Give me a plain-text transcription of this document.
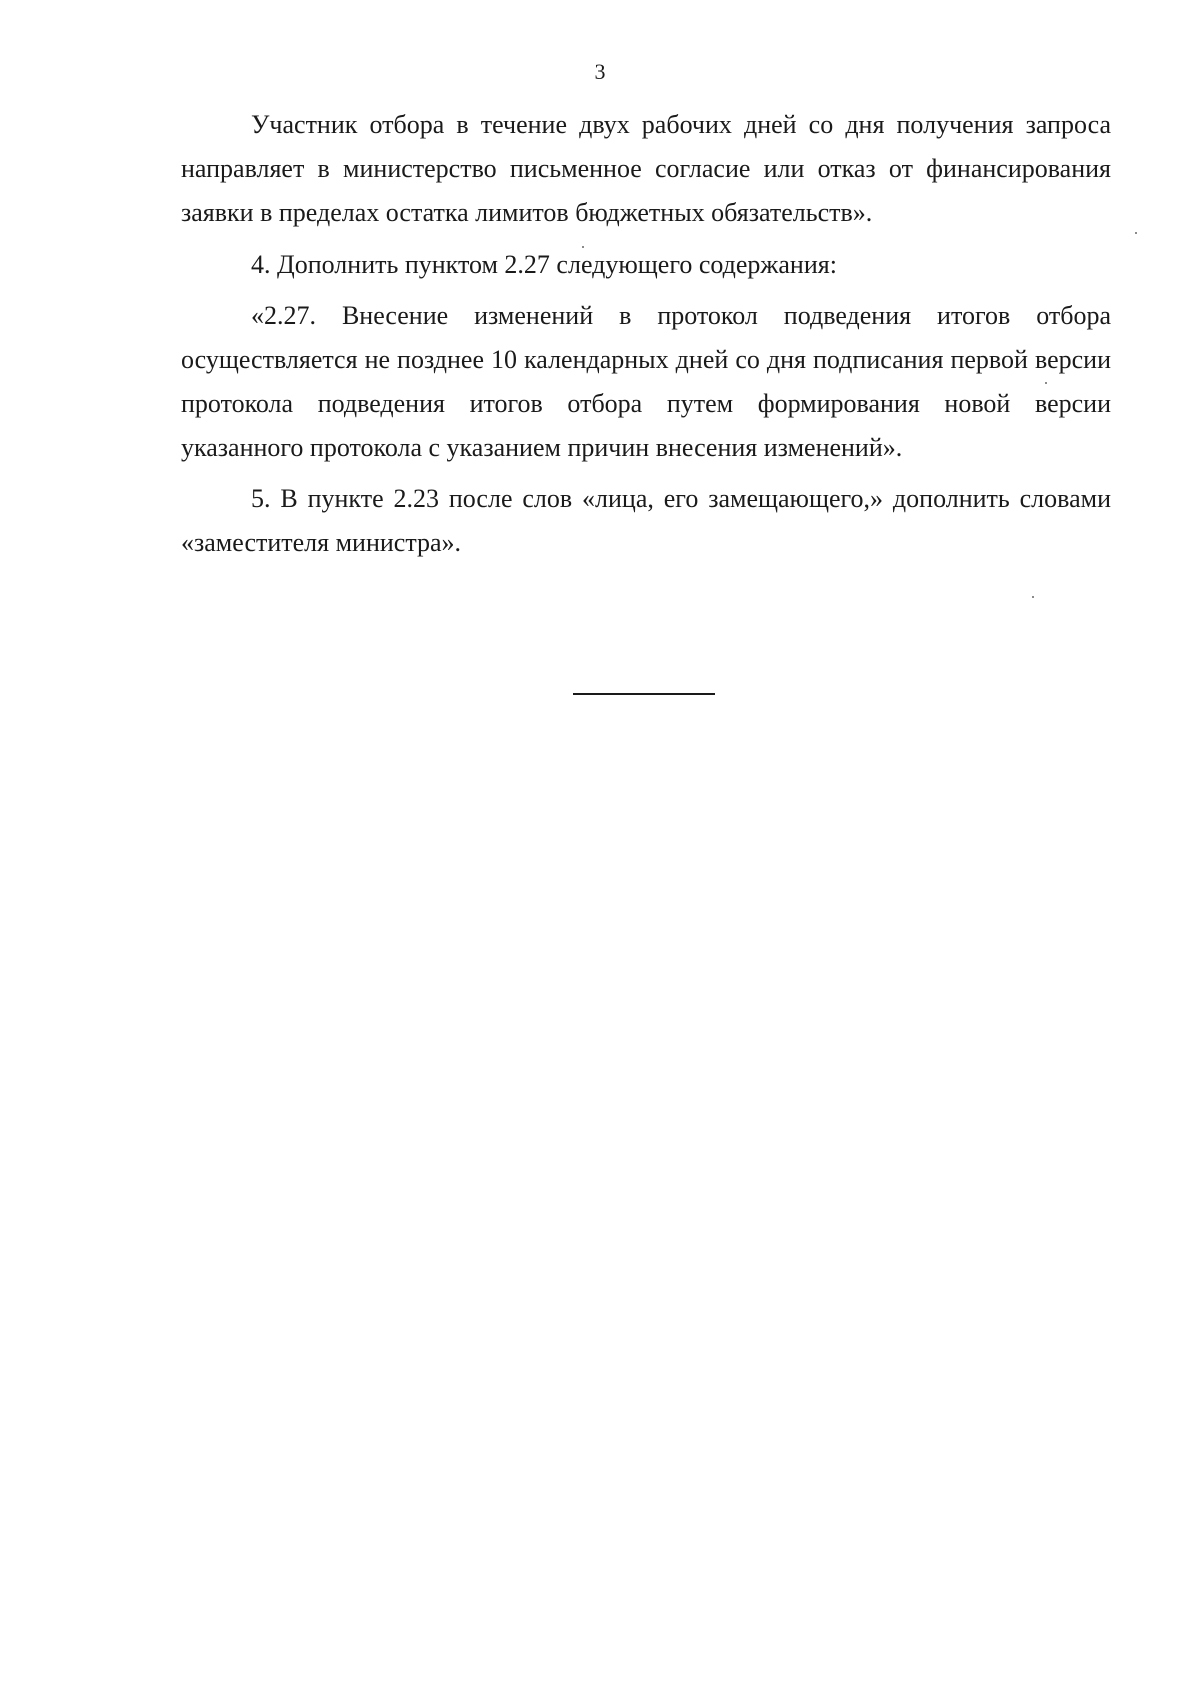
3

Участник отбора в течение двух рабочих дней со дня получения запроса направляет в министерство письменное согласие или отказ от финансирования заявки в пределах остатка лимитов бюджетных обязательств».

4. Дополнить пунктом 2.27 следующего содержания:

«2.27. Внесение изменений в протокол подведения итогов отбора осуществляется не позднее 10 календарных дней со дня подписания первой версии протокола подведения итогов отбора путем формирования новой версии указанного протокола с указанием причин внесения изменений».

5. В пункте 2.23 после слов «лица, его замещающего,» дополнить словами «заместителя министра».
